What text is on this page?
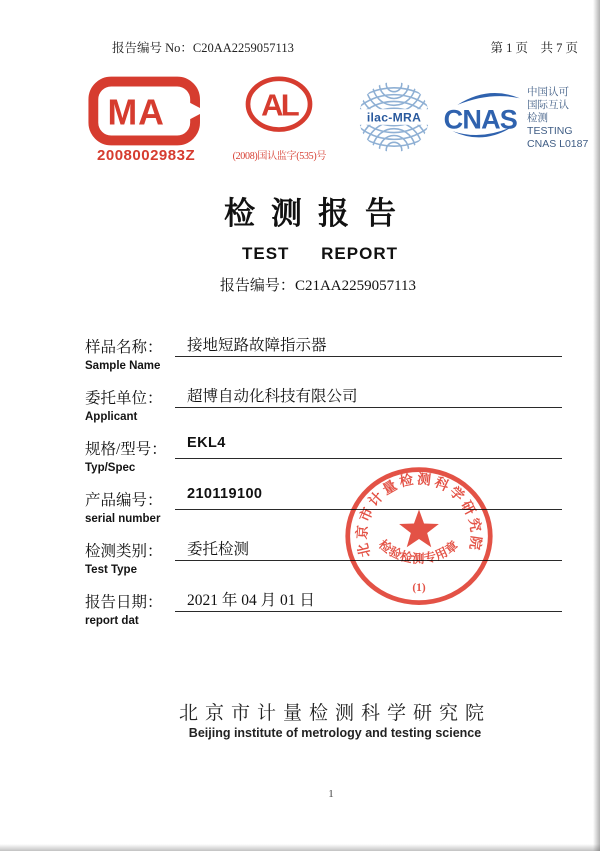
报告编号 No：C20AA2259057113	第 1 页　共 7 页
MA
2008002983Z
AL
(2008)国认监字(535)号
ilac-MRA CNAS
中国认可
国际互认
检测
TESTING
CNAS L0187
检测报告
TEST REPORT
报告编号：C21AA2259057113
样品名称：	接地短路故障指示器
Sample Name
委托单位：	超博自动化科技有限公司
Applicant
规格/型号：	EKL4
Typ/Spec
产品编号：	210119100
serial number
检测类别：	委托检测
Test Type
报告日期：	2021 年 04 月 01 日
report dat
北京市计量检测科学研究院
检验检测专用章
(1)
北京市计量检测科学研究院
Beijing institute of metrology and testing science
1
